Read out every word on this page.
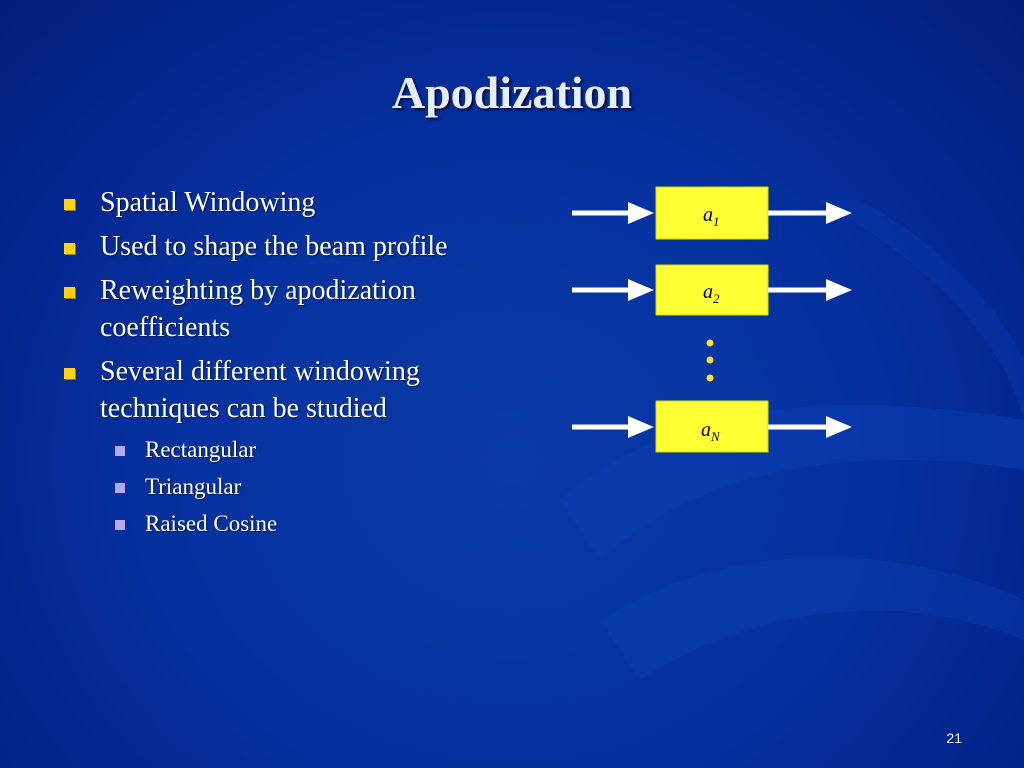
Apodization
Spatial Windowing
Used to shape the beam profile
Reweighting by apodization coefficients
Several different windowing techniques can be studied
Rectangular
Triangular
Raised Cosine
$a_1$
$a_2$
$a_N$
21
